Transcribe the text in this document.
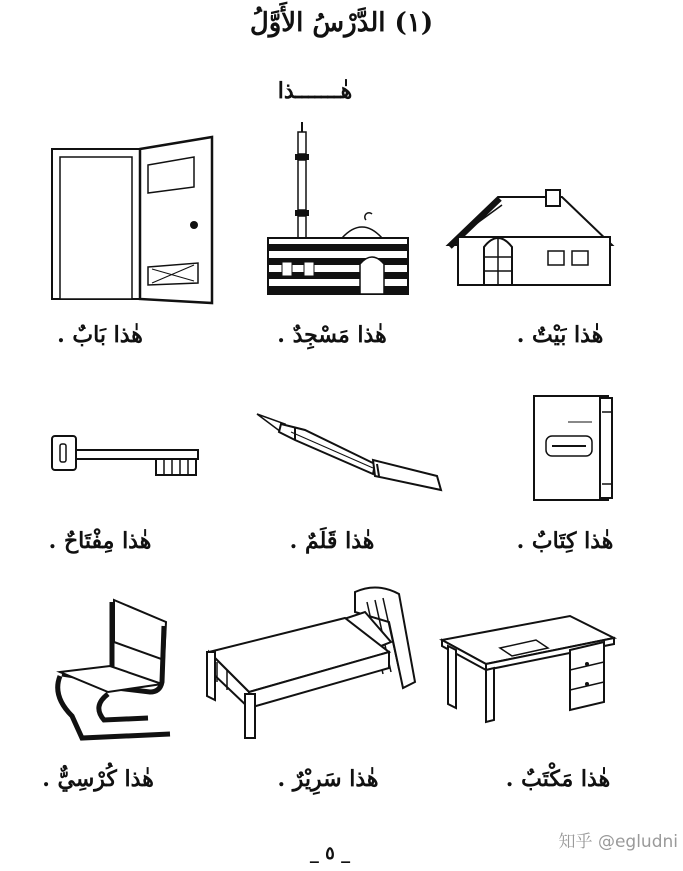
(١) الدَّرْسُ الأَوَّلُ
هٰـــــــذا
هٰذا بَيْتٌ .
هٰذا مَسْجِدٌ .
هٰذا بَابٌ .
هٰذا كِتَابٌ .
هٰذا قَلَمٌ .
هٰذا مِفْتَاحٌ .
هٰذا مَكْتَبٌ .
هٰذا سَرِيْرٌ .
هٰذا كُرْسِيٌّ .
知乎 @egludni
_ ٥ _
